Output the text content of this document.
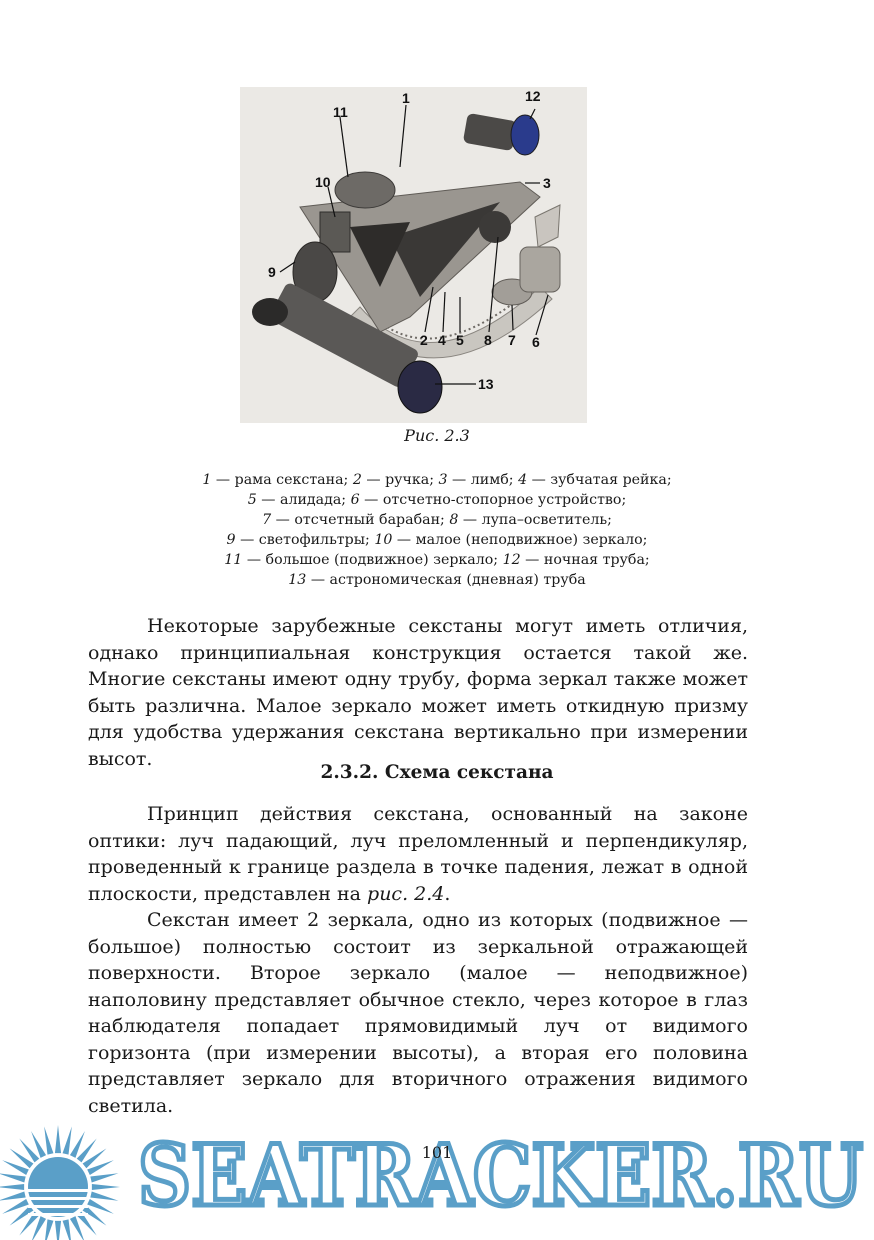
1
11
12
3
10
9
2 4 5 8 7 6
13
Рис. 2.3
1 — рама секстана; 2 — ручка; 3 — лимб; 4 — зубчатая рейка;
5 — алидада; 6 — отсчетно-стопорное устройство;
7 — отсчетный барабан; 8 — лупа–осветитель;
9 — светофильтры; 10 — малое (неподвижное) зеркало;
11 — большое (подвижное) зеркало; 12 — ночная труба;
13 — астрономическая (дневная) труба

Некоторые зарубежные секстаны могут иметь отличия, однако принципиальная конструкция остается такой же. Многие секстаны имеют одну трубу, форма зеркал также может быть различна. Малое зеркало может иметь откидную призму для удобства удержания секстана вертикально при измерении высот.

2.3.2. Схема секстана

Принцип действия секстана, основанный на законе оптики: луч падающий, луч преломленный и перпендикуляр, проведенный к границе раздела в точке падения, лежат в одной плоскости, представлен на рис. 2.4.

Секстан имеет 2 зеркала, одно из которых (подвижное — большое) полностью состоит из зеркальной отражающей поверхности. Второе зеркало (малое — неподвижное) наполовину представляет обычное стекло, через которое в глаз наблюдателя попадает прямовидимый луч от видимого горизонта (при измерении высоты), а вторая его половина представляет зеркало для вторичного отражения видимого светила.

SEATRACKER.RU
101
